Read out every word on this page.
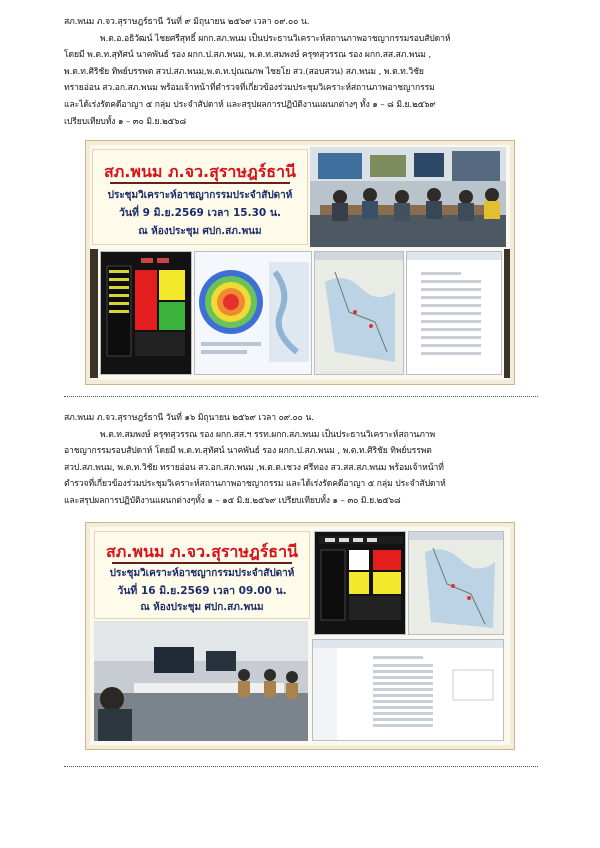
สภ.พนม ภ.จว.สุราษฎร์ธานี วันที่ ๙ มิถุนายน ๒๕๖๙ เวลา ๐๙.๐๐ น.
พ.ต.อ.อธิวัฒน์ ไชยศรีสุทธิ์ ผกก.สภ.พนม เป็นประธานวิเคราะห์สถานภาพอาชญากรรมรอบสัปดาห์
โดยมี พ.ต.ท.สุทัศน์ นาคพันธ์ รอง ผกก.ป.สภ.พนม, พ.ต.ท.สมพงษ์ ครุฑสุวรรณ รอง ผกก.สส.สภ.พนม ,
พ.ต.ท.ศิริชัย ทิพย์บรรพต สวป.สภ.พนม,พ.ต.ท.ปุณณภพ ไชยโย สว.(สอบสวน) สภ.พนม , พ.ต.ท.วิชัย
ทรายอ่อน สว.อก.สภ.พนม พร้อมเจ้าหน้าที่ตำรวจที่เกี่ยวข้องร่วมประชุมวิเคราะห์สถานภาพอาชญากรรม
และได้เร่งรัดคดีอาญา ๕ กลุ่ม ประจำสัปดาห์ และสรุปผลการปฏิบัติงานแผนกต่างๆ ทั้ง ๑ – ๘ มิ.ย.๒๕๖๙
เปรียบเทียบทั้ง ๑ – ๓๐ มิ.ย.๒๕๖๘
สภ.พนม ภ.จว.สุราษฎร์ธานี
ประชุมวิเคราะห์อาชญากรรมประจำสัปดาห์
วันที่ 9 มิ.ย.2569 เวลา 15.30 น.
ณ ห้องประชุม ศปก.สภ.พนม
สภ.พนม ภ.จว.สุราษฎร์ธานี วันที่ ๑๖ มิถุนายน ๒๕๖๙ เวลา ๐๙.๐๐ น.
พ.ต.ท.สมพงษ์ ครุฑสุวรรณ รอง ผกก.สส.ฯ รรท.ผกก.สภ.พนม เป็นประธานวิเคราะห์สถานภาพ
อาชญากรรมรอบสัปดาห์ โดยมี พ.ต.ท.สุทัศน์ นาคพันธ์ รอง ผกก.ป.สภ.พนม , พ.ต.ท.ศิริชัย ทิพย์บรรพต
สวป.สภ.พนม, พ.ต.ท.วิชัย ทรายอ่อน สว.อก.สภ.พนม ,พ.ต.ต.เชวง ศรีทอง สว.สส.สภ.พนม พร้อมเจ้าหน้าที่
ตำรวจที่เกี่ยวข้องร่วมประชุมวิเคราะห์สถานภาพอาชญากรรม และได้เร่งรัดคดีอาญา ๕ กลุ่ม ประจำสัปดาห์
และสรุปผลการปฏิบัติงานแผนกต่างๆทั้ง ๑ – ๑๕ มิ.ย.๒๕๖๙ เปรียบเทียบทั้ง ๑ – ๓๐ มิ.ย.๒๕๖๘
สภ.พนม ภ.จว.สุราษฎร์ธานี
ประชุมวิเคราะห์อาชญากรรมประจำสัปดาห์
วันที่ 16 มิ.ย.2569 เวลา 09.00 น.
ณ ห้องประชุม ศปก.สภ.พนม
